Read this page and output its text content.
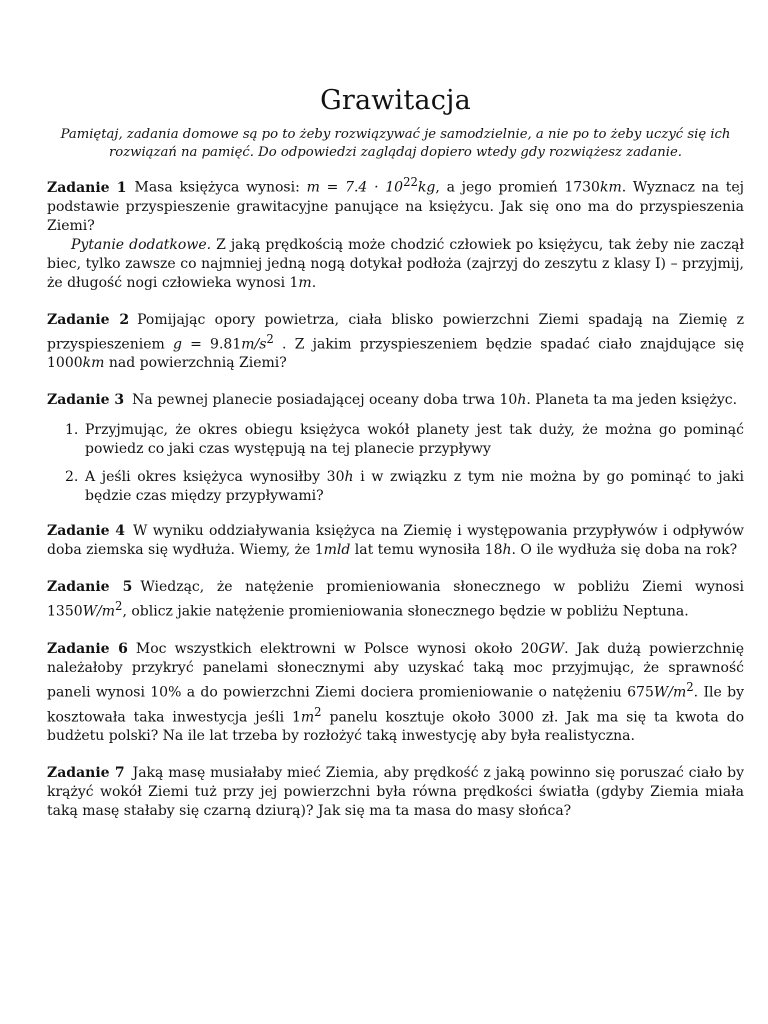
Grawitacja

Pamiętaj, zadania domowe są po to żeby rozwiązywać je samodzielnie, a nie po to żeby uczyć się ich rozwiązań na pamięć. Do odpowiedzi zaglądaj dopiero wtedy gdy rozwiążesz zadanie.

Zadanie 1 Masa księżyca wynosi: $m = 7.4 \cdot 10^{22}kg$, a jego promień 1730km. Wyznacz na tej podstawie przyspieszenie grawitacyjne panujące na księżycu. Jak się ono ma do przyspieszenia Ziemi?

Pytanie dodatkowe. Z jaką prędkością może chodzić człowiek po księżycu, tak żeby nie zaczął biec, tylko zawsze co najmniej jedną nogą dotykał podłoża (zajrzyj do zeszytu z klasy I) – przyjmij, że długość nogi człowieka wynosi 1m.

Zadanie 2 Pomijając opory powietrza, ciała blisko powierzchni Ziemi spadają na Ziemię z przyspieszeniem $g = 9.81m/s^2$ . Z jakim przyspieszeniem będzie spadać ciało znajdujące się 1000km nad powierzchnią Ziemi?

Zadanie 3 Na pewnej planecie posiadającej oceany doba trwa 10h. Planeta ta ma jeden księżyc.

1. Przyjmując, że okres obiegu księżyca wokół planety jest tak duży, że można go pominąć powiedz co jaki czas występują na tej planecie przypływy
2. A jeśli okres księżyca wynosiłby 30h i w związku z tym nie można by go pominąć to jaki będzie czas między przypływami?

Zadanie 4 W wyniku oddziaływania księżyca na Ziemię i występowania przypływów i odpływów doba ziemska się wydłuża. Wiemy, że 1mld lat temu wynosiła 18h. O ile wydłuża się doba na rok?

Zadanie 5 Wiedząc, że natężenie promieniowania słonecznego w pobliżu Ziemi wynosi $1350W/m^2$, oblicz jakie natężenie promieniowania słonecznego będzie w pobliżu Neptuna.

Zadanie 6 Moc wszystkich elektrowni w Polsce wynosi około 20GW. Jak dużą powierzchnię należałoby przykryć panelami słonecznymi aby uzyskać taką moc przyjmując, że sprawność paneli wynosi 10% a do powierzchni Ziemi dociera promieniowanie o natężeniu $675W/m^2$. Ile by kosztowała taka inwestycja jeśli $1m^2$ panelu kosztuje około 3000 zł. Jak ma się ta kwota do budżetu polski? Na ile lat trzeba by rozłożyć taką inwestycję aby była realistyczna.

Zadanie 7 Jaką masę musiałaby mieć Ziemia, aby prędkość z jaką powinno się poruszać ciało by krążyć wokół Ziemi tuż przy jej powierzchni była równa prędkości światła (gdyby Ziemia miała taką masę stałaby się czarną dziurą)? Jak się ma ta masa do masy słońca?
